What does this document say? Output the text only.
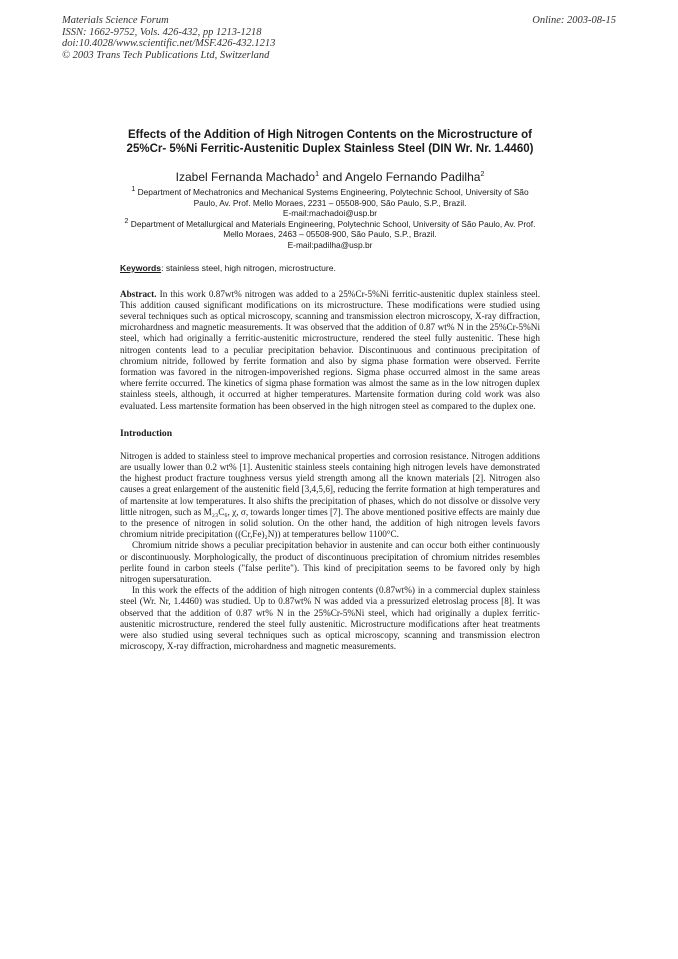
Materials Science Forum
ISSN: 1662-9752, Vols. 426-432, pp 1213-1218
doi:10.4028/www.scientific.net/MSF.426-432.1213
© 2003 Trans Tech Publications Ltd, Switzerland
Online: 2003-08-15
Effects of the Addition of High Nitrogen Contents on the Microstructure of 25%Cr- 5%Ni Ferritic-Austenitic Duplex Stainless Steel (DIN Wr. Nr. 1.4460)
Izabel Fernanda Machado$^1$ and Angelo Fernando Padilha$^2$
$^1$ Department of Mechatronics and Mechanical Systems Engineering, Polytechnic School, University of São Paulo, Av. Prof. Mello Moraes, 2231 – 05508-900, São Paulo, S.P., Brazil.
E-mail:machadoi@usp.br
$^2$ Department of Metallurgical and Materials Engineering, Polytechnic School, University of São Paulo, Av. Prof. Mello Moraes, 2463 – 05508-900, São Paulo, S.P., Brazil.
E-mail:padilha@usp.br
Keywords: stainless steel, high nitrogen, microstructure.

Abstract. In this work 0.87wt% nitrogen was added to a 25%Cr-5%Ni ferritic-austenitic duplex stainless steel. This addition caused significant modifications on its microstructure. These modifications were studied using several techniques such as optical microscopy, scanning and transmission electron microscopy, X-ray diffraction, microhardness and magnetic measurements. It was observed that the addition of 0.87 wt% N in the 25%Cr-5%Ni steel, which had originally a ferritic-austenitic microstructure, rendered the steel fully austenitic. These high nitrogen contents lead to a peculiar precipitation behavior. Discontinuous and continuous precipitation of chromium nitride, followed by ferrite formation and also by sigma phase formation were observed. Ferrite formation was favored in the nitrogen-impoverished regions. Sigma phase occurred almost in the same areas where ferrite occurred. The kinetics of sigma phase formation was almost the same as in the low nitrogen duplex stainless steels, although, it occurred at higher temperatures. Martensite formation during cold work was also evaluated. Less martensite formation has been observed in the high nitrogen steel as compared to the duplex one.

Introduction

Nitrogen is added to stainless steel to improve mechanical properties and corrosion resistance. Nitrogen additions are usually lower than 0.2 wt% [1]. Austenitic stainless steels containing high nitrogen levels have demonstrated the highest product fracture toughness versus yield strength among all the known materials [2]. Nitrogen also causes a great enlargement of the austenitic field [3,4,5,6], reducing the ferrite formation at high temperatures and of martensite at low temperatures. It also shifts the precipitation of phases, which do not dissolve or dissolve very little nitrogen, such as M₂₃C₆, χ, σ, towards longer times [7]. The above mentioned positive effects are mainly due to the presence of nitrogen in solid solution. On the other hand, the addition of high nitrogen levels favors chromium nitride precipitation ((Cr,Fe)₂N)) at temperatures bellow 1100°C.

Chromium nitride shows a peculiar precipitation behavior in austenite and can occur both either continuously or discontinuously. Morphologically, the product of discontinuous precipitation of chromium nitrides resembles perlite found in carbon steels ("false perlite"). This kind of precipitation seems to be favored only by high nitrogen supersaturation.

In this work the effects of the addition of high nitrogen contents (0.87wt%) in a commercial duplex stainless steel (Wr. Nr, 1.4460) was studied. Up to 0.87wt% N was added via a pressurized eletroslag process [8]. It was observed that the addition of 0.87 wt% N in the 25%Cr-5%Ni steel, which had originally a duplex ferritic-austenitic microstructure, rendered the steel fully austenitic. Microstructure modifications after heat treatments were also studied using several techniques such as optical microscopy, scanning and transmission electron microscopy, X-ray diffraction, microhardness and magnetic measurements.
